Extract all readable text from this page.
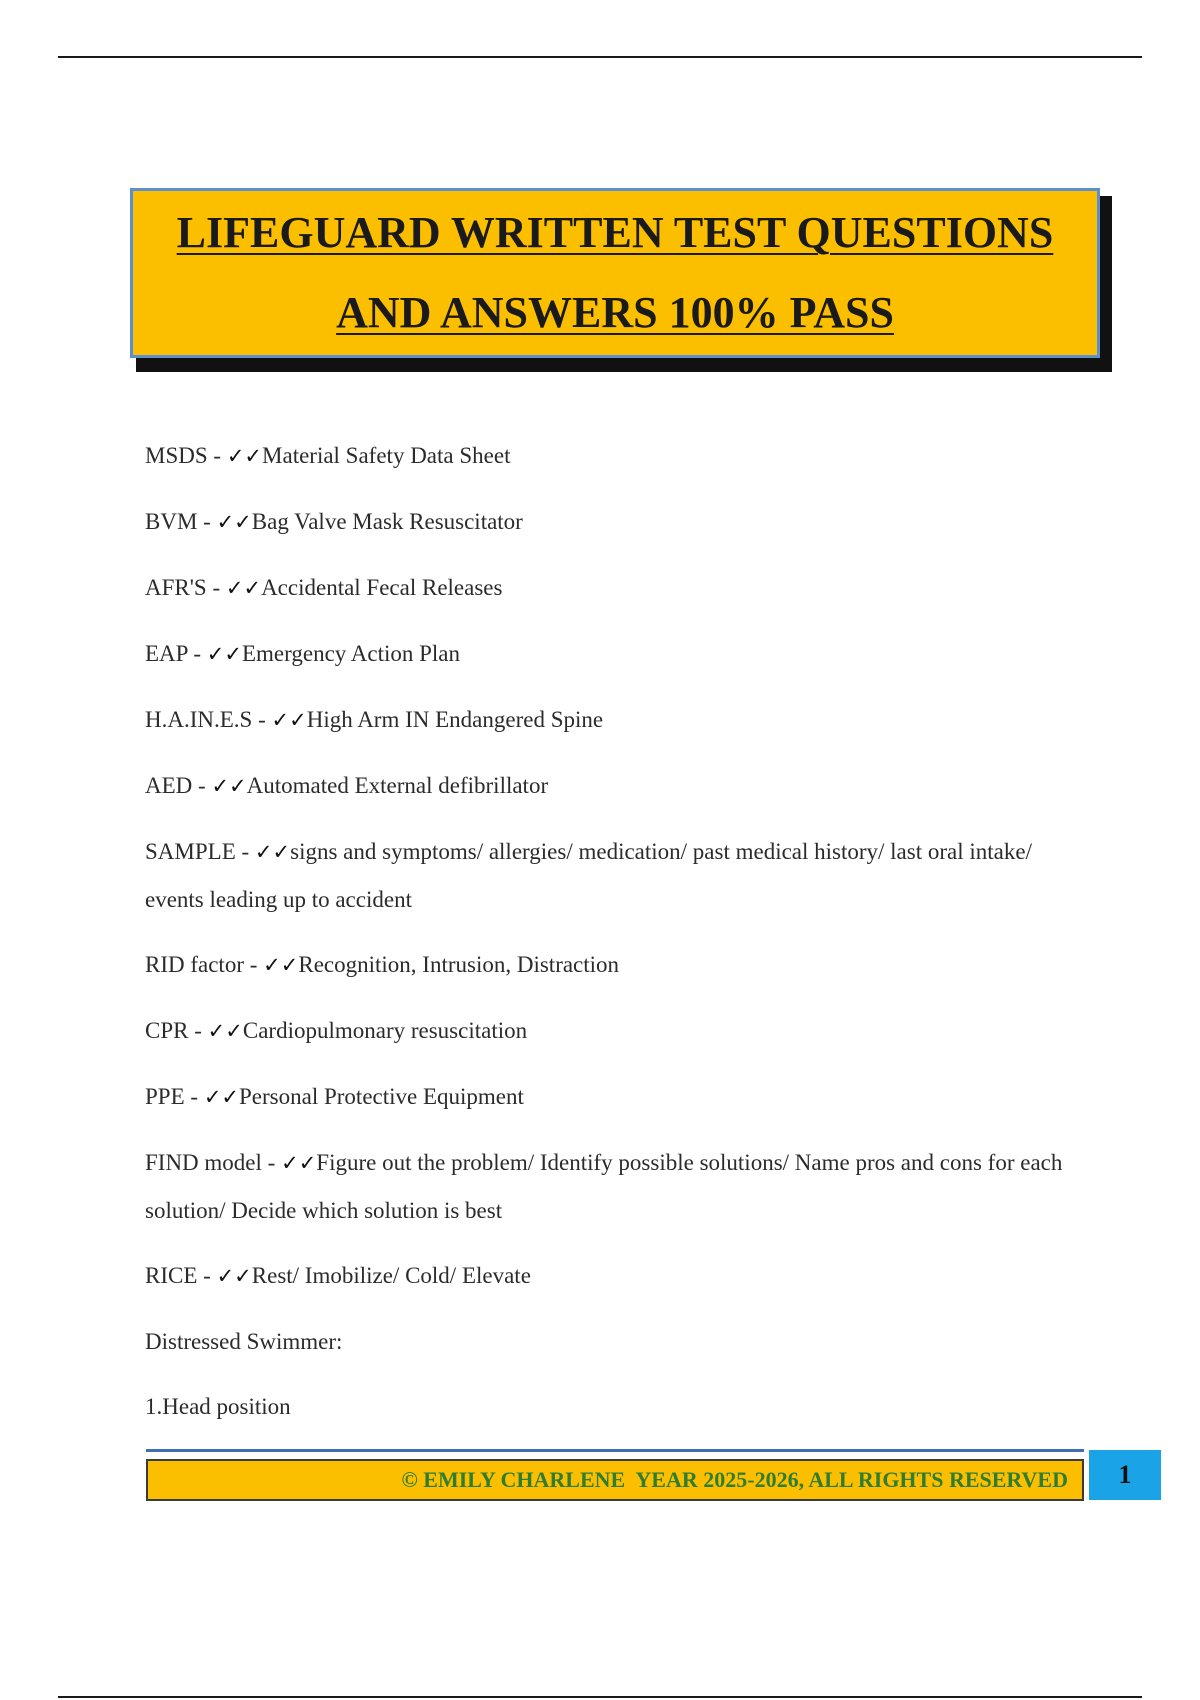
LIFEGUARD WRITTEN TEST QUESTIONS
AND ANSWERS 100% PASS
MSDS - ✓✓Material Safety Data Sheet
BVM - ✓✓Bag Valve Mask Resuscitator
AFR'S - ✓✓Accidental Fecal Releases
EAP - ✓✓Emergency Action Plan
H.A.IN.E.S - ✓✓High Arm IN Endangered Spine
AED - ✓✓Automated External defibrillator
SAMPLE - ✓✓signs and symptoms/ allergies/ medication/ past medical history/ last oral intake/ events leading up to accident
RID factor - ✓✓Recognition, Intrusion, Distraction
CPR - ✓✓Cardiopulmonary resuscitation
PPE - ✓✓Personal Protective Equipment
FIND model - ✓✓Figure out the problem/ Identify possible solutions/ Name pros and cons for each solution/ Decide which solution is best
RICE - ✓✓Rest/ Imobilize/ Cold/ Elevate
Distressed Swimmer:
1.Head position
© EMILY CHARLENE  YEAR 2025-2026, ALL RIGHTS RESERVED	1
